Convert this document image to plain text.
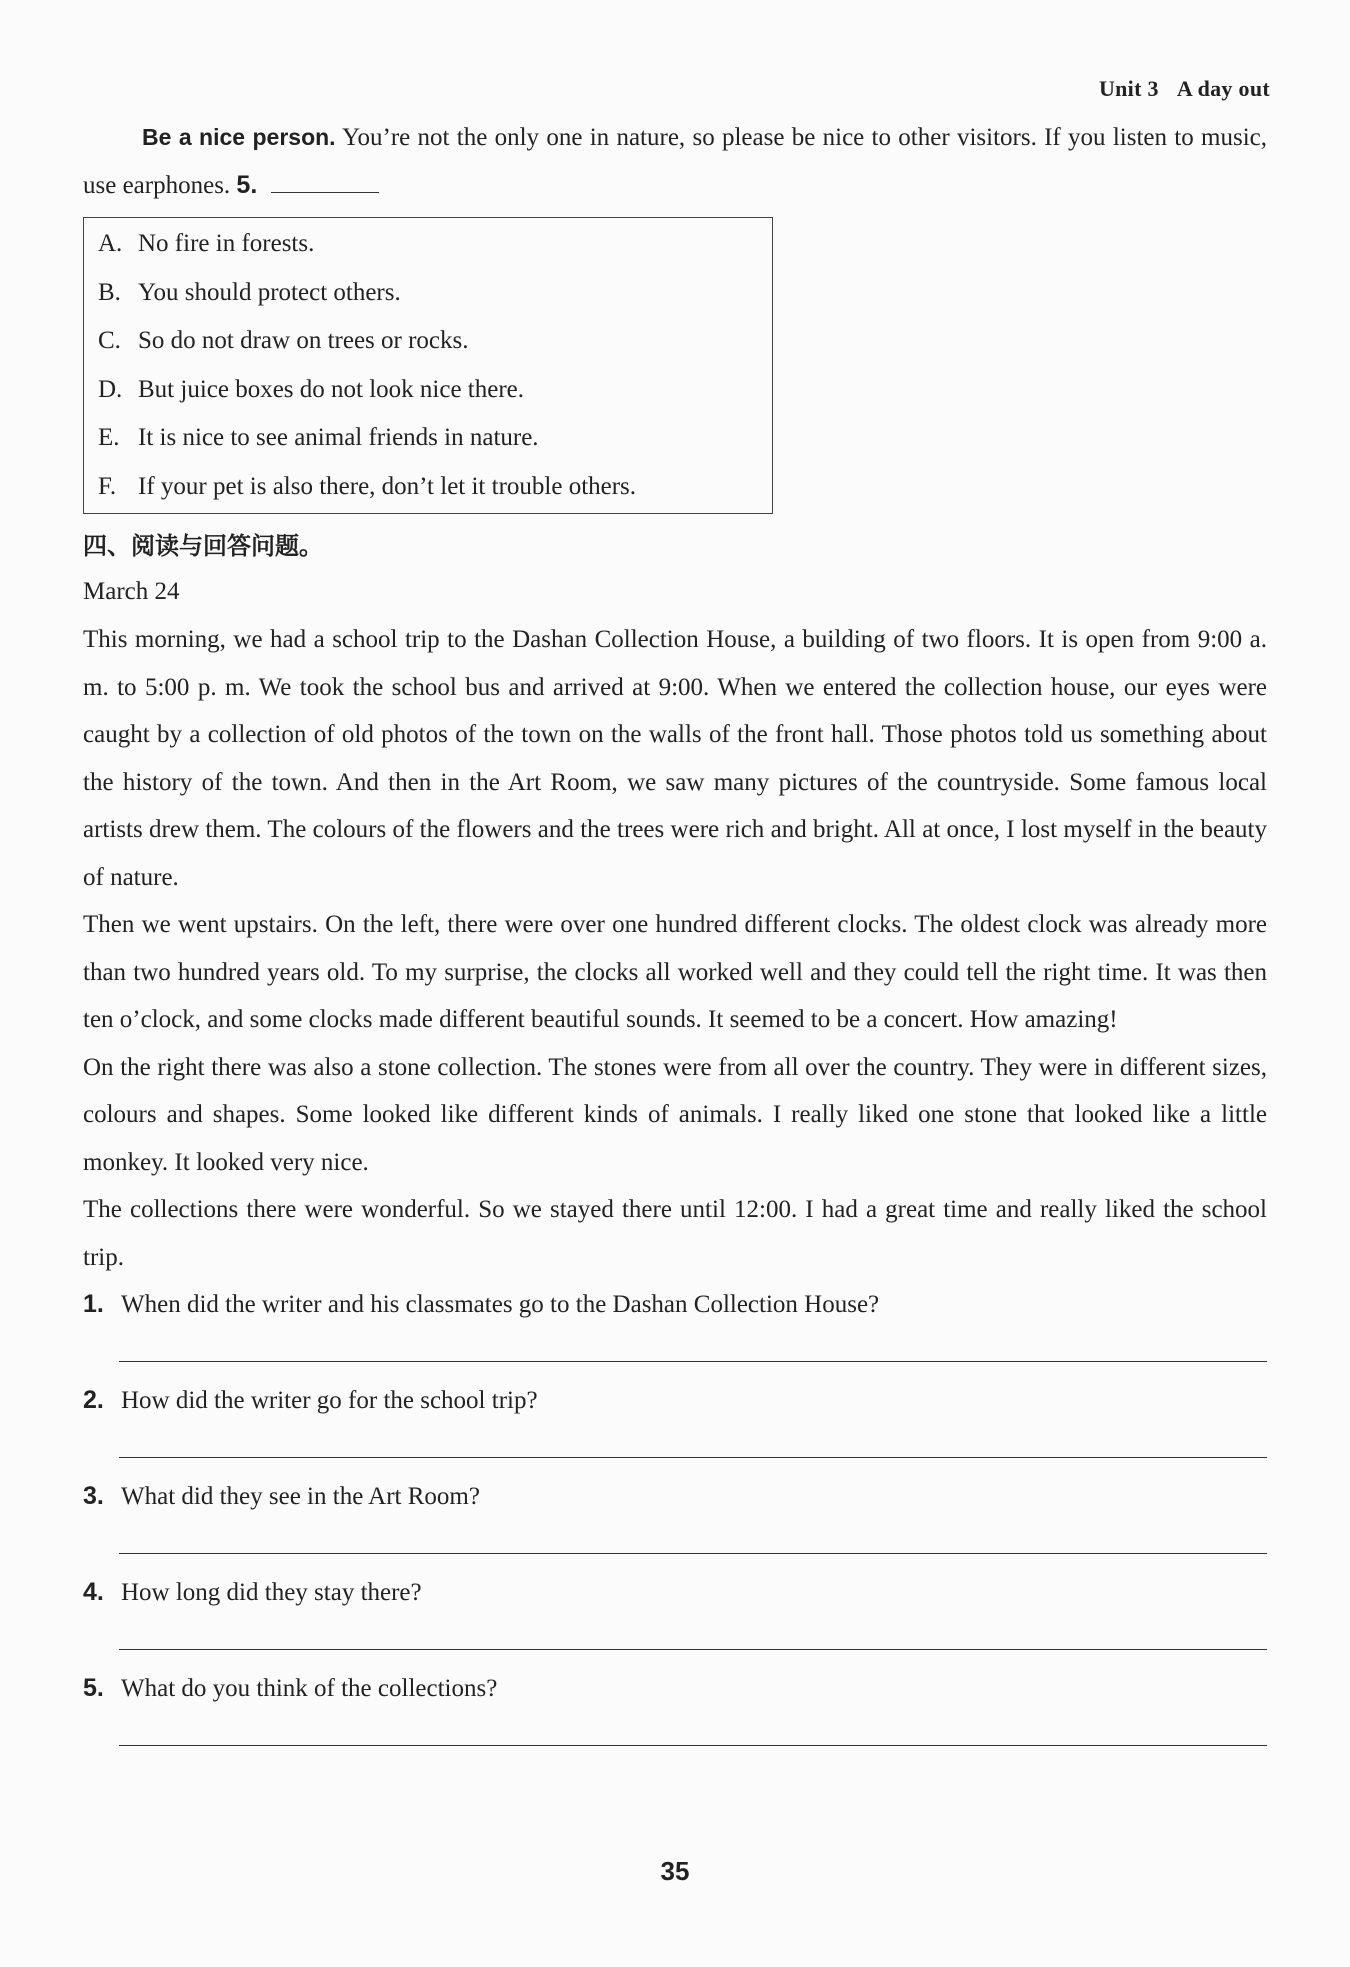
Unit 3 A day out

Be a nice person. You’re not the only one in nature, so please be nice to other visitors. If you listen to music, use earphones. 5.

A. No fire in forests.
B. You should protect others.
C. So do not draw on trees or rocks.
D. But juice boxes do not look nice there.
E. It is nice to see animal friends in nature.
F. If your pet is also there, don’t let it trouble others.
四、阅读与回答问题。
March 24

This morning, we had a school trip to the Dashan Collection House, a building of two floors. It is open from 9:00 a. m. to 5:00 p. m. We took the school bus and arrived at 9:00. When we entered the collection house, our eyes were caught by a collection of old photos of the town on the walls of the front hall. Those photos told us something about the history of the town. And then in the Art Room, we saw many pictures of the countryside. Some famous local artists drew them. The colours of the flowers and the trees were rich and bright. All at once, I lost myself in the beauty of nature.

Then we went upstairs. On the left, there were over one hundred different clocks. The oldest clock was already more than two hundred years old. To my surprise, the clocks all worked well and they could tell the right time. It was then ten o’clock, and some clocks made different beautiful sounds. It seemed to be a concert. How amazing!

On the right there was also a stone collection. The stones were from all over the country. They were in different sizes, colours and shapes. Some looked like different kinds of animals. I really liked one stone that looked like a little monkey. It looked very nice.

The collections there were wonderful. So we stayed there until 12:00. I had a great time and really liked the school trip.

1. When did the writer and his classmates go to the Dashan Collection House?
2. How did the writer go for the school trip?
3. What did they see in the Art Room?
4. How long did they stay there?
5. What do you think of the collections?
35
